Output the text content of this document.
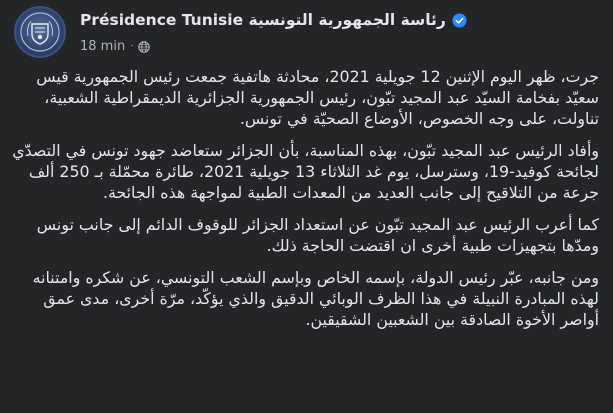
Présidence Tunisie رئاسة الجمهورية التونسية
18 min ·

جرت، ظهر اليوم الإثنين 12 جويلية 2021، محادثة هاتفية جمعت رئيس الجمهورية قيس سعيّد بفخامة السيّد عبد المجيد تبّون، رئيس الجمهورية الجزائرية الديمقراطية الشعبية، تناولت، على وجه الخصوص، الأوضاع الصحيّة في تونس.

وأفاد الرئيس عبد المجيد تبّون، بهذه المناسبة، بأن الجزائر ستعاضد جهود تونس في التصدّي لجائحة كوفيد-19، وسترسل، يوم غد الثلاثاء 13 جويلية 2021، طائرة محمّلة بـ 250 ألف جرعة من التلاقيح إلى جانب العديد من المعدات الطبية لمواجهة هذه الجائحة.

كما أعرب الرئيس عبد المجيد تبّون عن استعداد الجزائر للوقوف الدائم إلى جانب تونس ومدّها بتجهيزات طبية أخرى ان اقتضت الحاجة ذلك.

ومن جانبه، عبّر رئيس الدولة، بإسمه الخاص وبإسم الشعب التونسي، عن شكره وامتنانه لهذه المبادرة النبيلة في هذا الظرف الوبائي الدقيق والذي يؤكّد، مرّة أخرى، مدى عمق أواصر الأخوة الصادقة بين الشعبين الشقيقين.
